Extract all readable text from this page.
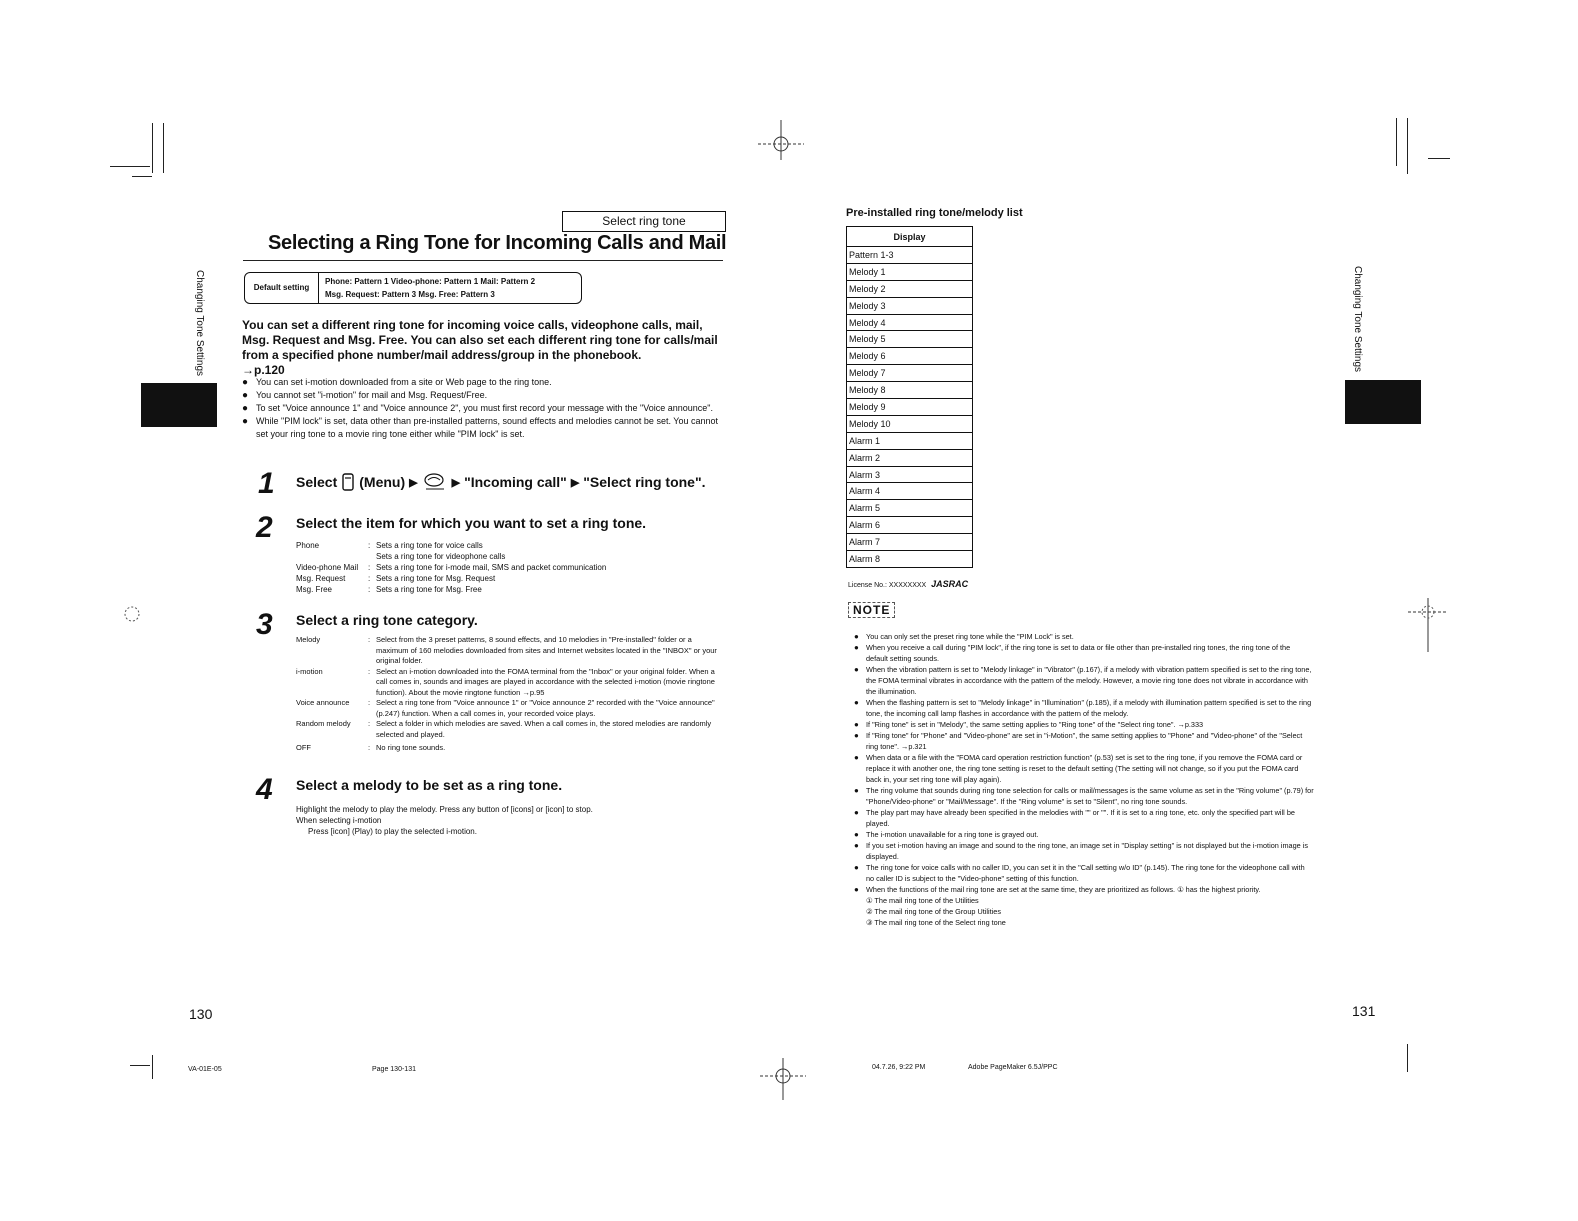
Changing Tone Settings
Select ring tone
Selecting a Ring Tone for Incoming Calls and Mail
Default setting
Phone: Pattern 1 Video-phone: Pattern 1 Mail: Pattern 2
Msg. Request: Pattern 3 Msg. Free: Pattern 3
You can set a different ring tone for incoming voice calls, videophone calls, mail, Msg. Request and Msg. Free. You can also set each different ring tone for calls/mail from a specified phone number/mail address/group in the phonebook.
→p.120
● You can set i-motion downloaded from a site or Web page to the ring tone.
● You cannot set "i-motion" for mail and Msg. Request/Free.
● To set "Voice announce 1" and "Voice announce 2", you must first record your message with the "Voice announce".
● While "PIM lock" is set, data other than pre-installed patterns, sound effects and melodies cannot be set. You cannot set your ring tone to a movie ring tone either while "PIM lock" is set.
1 Select (Menu) ▶	▶ "Incoming call" ▶ "Select ring tone".
2 Select the item for which you want to set a ring tone.
Phone	: Sets a ring tone for voice calls
Sets a ring tone for videophone calls
Video-phone Mail	: Sets a ring tone for i-mode mail, SMS and packet communication
Msg. Request	: Sets a ring tone for Msg. Request
Msg. Free	: Sets a ring tone for Msg. Free
3 Select a ring tone category.
Melody	: Select from the 3 preset patterns, 8 sound effects, and 10 melodies in "Pre-installed" folder or a maximum of 160 melodies downloaded from sites and Internet websites located in the "INBOX" or your original folder.
i-motion	: Select an i-motion downloaded into the FOMA terminal from the "Inbox" or your original folder. When a call comes in, sounds and images are played in accordance with the selected i-motion (movie ringtone function). About the movie ringtone function →p.95
Voice announce	: Select a ring tone from "Voice announce 1" or "Voice announce 2" recorded with the "Voice announce" (p.247) function. When a call comes in, your recorded voice plays.
Random melody	: Select a folder in which melodies are saved. When a call comes in, the stored melodies are randomly selected and played.
OFF	: No ring tone sounds.
4 Select a melody to be set as a ring tone.
Highlight the melody to play the melody. Press any button of [icons] or [icon] to stop.
When selecting i-motion
Press [icon] (Play) to play the selected i-motion.
130
VA-01E-05	Page 130-131
Pre-installed ring tone/melody list
Display
Pattern 1-3
Melody 1
Melody 2
Melody 3
Melody 4
Melody 5
Melody 6
Melody 7
Melody 8
Melody 9
Melody 10
Alarm 1
Alarm 2
Alarm 3
Alarm 4
Alarm 5
Alarm 6
Alarm 7
Alarm 8
License No.: XXXXXXXX JASRAC
NOTE
● You can only set the preset ring tone while the "PIM Lock" is set.
● When you receive a call during "PIM lock", if the ring tone is set to data or file other than pre-installed ring tones, the ring tone of the default setting sounds.
● When the vibration pattern is set to "Melody linkage" in "Vibrator" (p.167), if a melody with vibration pattern specified is set to the ring tone, the FOMA terminal vibrates in accordance with the pattern of the melody. However, a movie ring tone does not vibrate in accordance with the illumination.
● When the flashing pattern is set to "Melody linkage" in "Illumination" (p.185), if a melody with illumination pattern specified is set to the ring tone, the incoming call lamp flashes in accordance with the pattern of the melody.
● If "Ring tone" is set in "Melody", the same setting applies to "Ring tone" of the "Select ring tone". →p.333
● If "Ring tone" for "Phone" and "Video-phone" are set in "i-Motion", the same setting applies to "Phone" and "Video-phone" of the "Select ring tone". →p.321
● When data or a file with the "FOMA card operation restriction function" (p.53) set is set to the ring tone, if you remove the FOMA card or replace it with another one, the ring tone setting is reset to the default setting (The setting will not change, so if you put the FOMA card back in, your set ring tone will play again).
● The ring volume that sounds during ring tone selection for calls or mail/messages is the same volume as set in the "Ring volume" (p.79) for "Phone/Video-phone" or "Mail/Message". If the "Ring volume" is set to "Silent", no ring tone sounds.
● The play part may have already been specified in the melodies with "" or "". If it is set to a ring tone, etc. only the specified part will be played.
● The i-motion unavailable for a ring tone is grayed out.
● If you set i-motion having an image and sound to the ring tone, an image set in "Display setting" is not displayed but the i-motion image is displayed.
● The ring tone for voice calls with no caller ID, you can set it in the "Call setting w/o ID" (p.145). The ring tone for the videophone call with no caller ID is subject to the "Video-phone" setting of this function.
● When the functions of the mail ring tone are set at the same time, they are prioritized as follows. ① has the highest priority.
① The mail ring tone of the Utilities
② The mail ring tone of the Group Utilities
③ The mail ring tone of the Select ring tone
Changing Tone Settings
131
04.7.26, 9:22 PM	Adobe PageMaker 6.5J/PPC
